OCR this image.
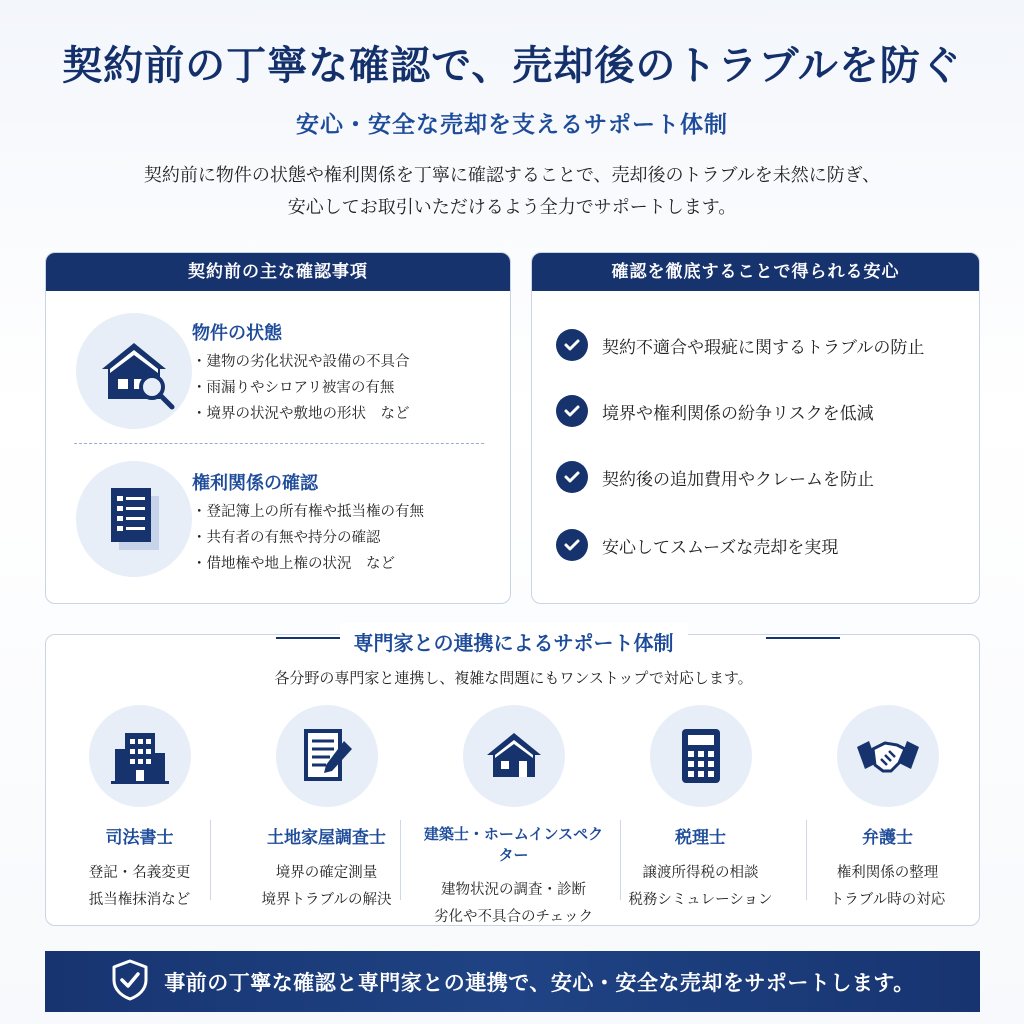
契約前の丁寧な確認で、売却後のトラブルを防ぐ
安心・安全な売却を支えるサポート体制
契約前に物件の状態や権利関係を丁寧に確認することで、売却後のトラブルを未然に防ぎ、
安心してお取引いただけるよう全力でサポートします。
契約前の主な確認事項
物件の状態
・ 建物の劣化状況や設備の不具合
・ 雨漏りやシロアリ被害の有無
・ 境界の状況や敷地の形状　など
権利関係の確認
・ 登記簿上の所有権や抵当権の有無
・ 共有者の有無や持分の確認
・ 借地権や地上権の状況　など
確認を徹底することで得られる安心
契約不適合や瑕疵に関するトラブルの防止
境界や権利関係の紛争リスクを低減
契約後の追加費用やクレームを防止
安心してスムーズな売却を実現
専門家との連携によるサポート体制
各分野の専門家と連携し、複雑な問題にもワンストップで対応します。
司法書士
登記・名義変更
抵当権抹消など
土地家屋調査士
境界の確定測量
境界トラブルの解決
建築士・ホームインスペクター
建物状況の調査・診断
劣化や不具合のチェック
税理士
譲渡所得税の相談
税務シミュレーション
弁護士
権利関係の整理
トラブル時の対応
事前の丁寧な確認と専門家との連携で、安心・安全な売却をサポートします。
